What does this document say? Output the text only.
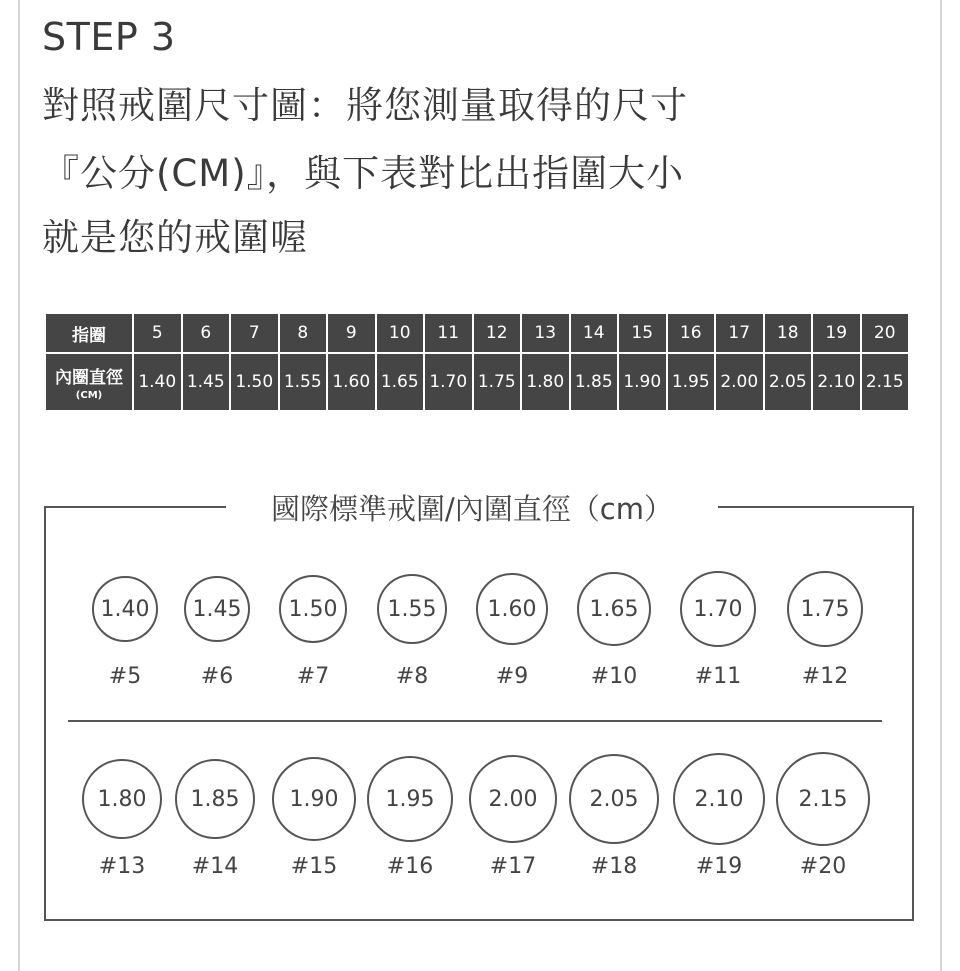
STEP 3
對照戒圍尺寸圖：將您測量取得的尺寸
『公分(CM)』，與下表對比出指圍大小
就是您的戒圍喔
指圈
內圈直徑
(CM)
5
1.40
6
1.45
7
1.50
8
1.55
9
1.60
10
1.65
11
1.70
12
1.75
13
1.80
14
1.85
15
1.90
16
1.95
17
2.00
18
2.05
19
2.10
20
2.15
國際標準戒圍/內圍直徑（cm）
1.40
#5
1.45
#6
1.50
#7
1.55
#8
1.60
#9
1.65
#10
1.70
#11
1.75
#12
1.80
#13
1.85
#14
1.90
#15
1.95
#16
2.00
#17
2.05
#18
2.10
#19
2.15
#20
